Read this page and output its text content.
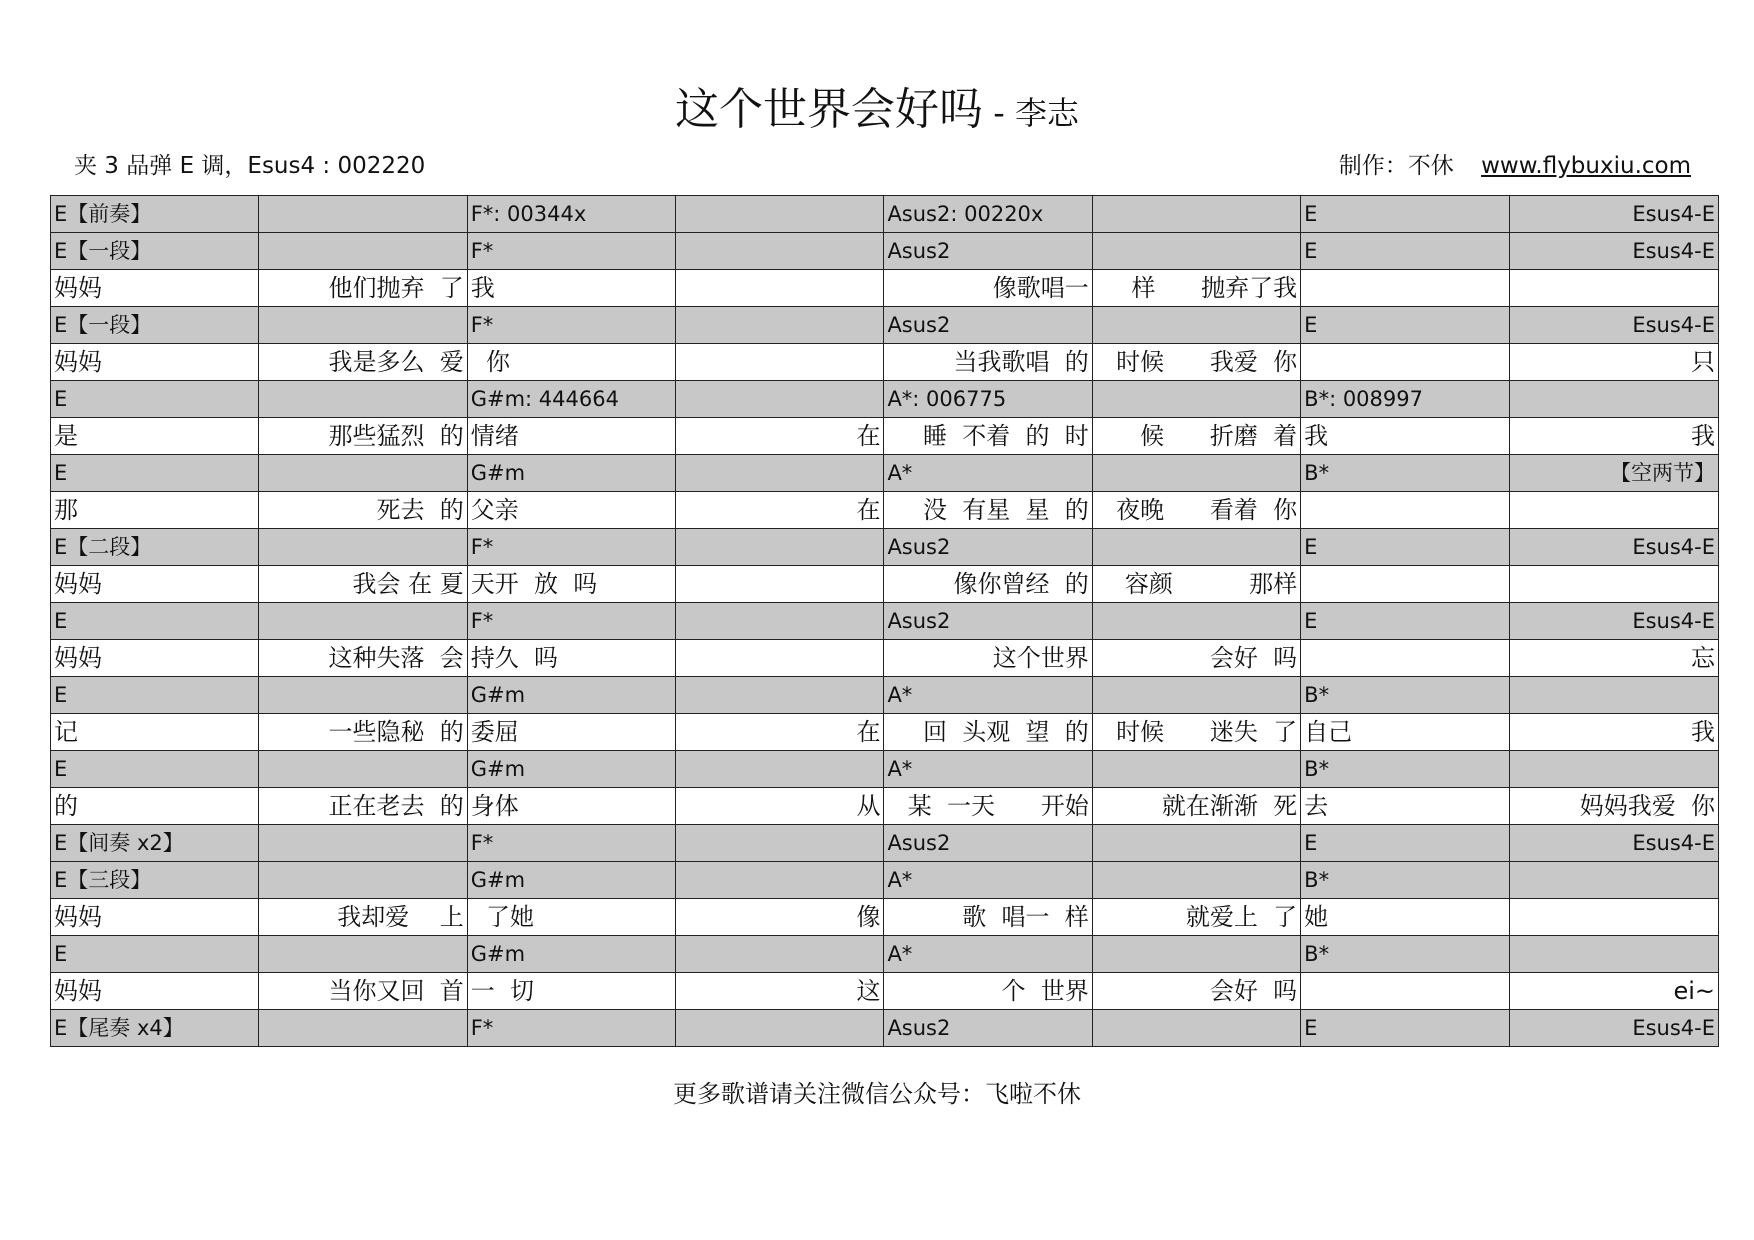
这个世界会好吗 - 李志
夹 3 品弹 E 调，Esus4 : 002220	制作：不休 www.flybuxiu.com
E【前奏】		F*: 00344x		Asus2: 00220x		E	Esus4-E

E【一段】		F*		Asus2		E	Esus4-E

妈妈	他们抛弃  了	我		像歌唱一	样      抛弃了我		

E【一段】		F*		Asus2		E	Esus4-E

妈妈	我是多么  爱	你		当我歌唱  的	时候      我爱  你		只

E		G#m: 444664		A*: 006775		B*: 008997	

是	那些猛烈  的	情绪	在	睡  不着  的  时	候      折磨  着	我	我

E		G#m		A*		B*	【空两节】

那	死去  的	父亲	在	没  有星  星  的	夜晚      看着  你		

E【二段】		F*		Asus2		E	Esus4-E

妈妈	我会 在 夏	天开  放  吗		像你曾经  的	容颜          那样		

E		F*		Asus2		E	Esus4-E

妈妈	这种失落  会	持久  吗		这个世界	会好  吗		忘

E		G#m		A*		B*	

记	一些隐秘  的	委屈	在	回  头观  望  的	时候      迷失  了	自己	我

E		G#m		A*		B*	

的	正在老去  的	身体	从	某  一天      开始	就在渐渐  死	去	妈妈我爱  你

E【间奏 x2】		F*		Asus2		E	Esus4-E

E【三段】		G#m		A*		B*	

妈妈	我却爱    上	了她	像	歌  唱一  样	就爱上  了	她	

E		G#m		A*		B*	

妈妈	当你又回  首	一  切	这	个  世界	会好  吗		ei~

E【尾奏 x4】		F*		Asus2		E	Esus4-E
更多歌谱请关注微信公众号：飞啦不休
